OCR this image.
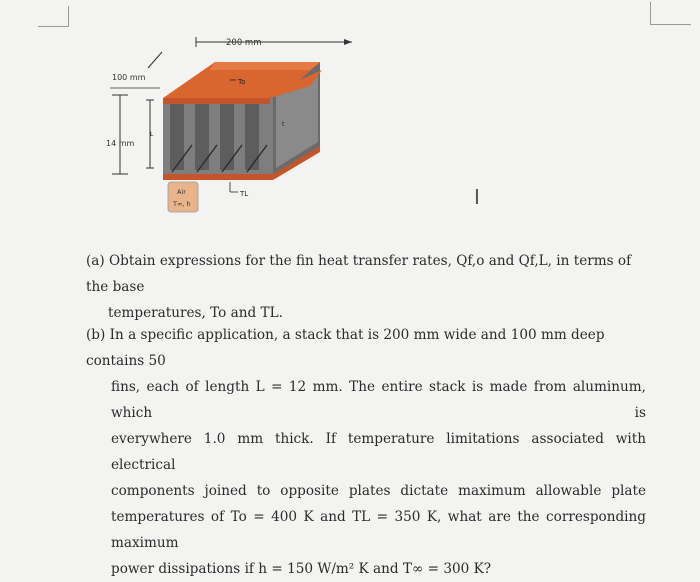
200 mm
100 mm
14 mm
To
TL
L
t
Air
T∞, h	I
(a) Obtain expressions for the fin heat transfer rates, Qf,o and Qf,L, in terms of the base
temperatures, To and TL.
(b) In a specific application, a stack that is 200 mm wide and 100 mm deep contains 50
fins, each of length L = 12 mm. The entire stack is made from aluminum, which is
everywhere 1.0 mm thick. If temperature limitations associated with electrical
components joined to opposite plates dictate maximum allowable plate
temperatures of To = 400 K and TL = 350 K, what are the corresponding maximum
power dissipations if h = 150 W/m² K and T∞ = 300 K?
